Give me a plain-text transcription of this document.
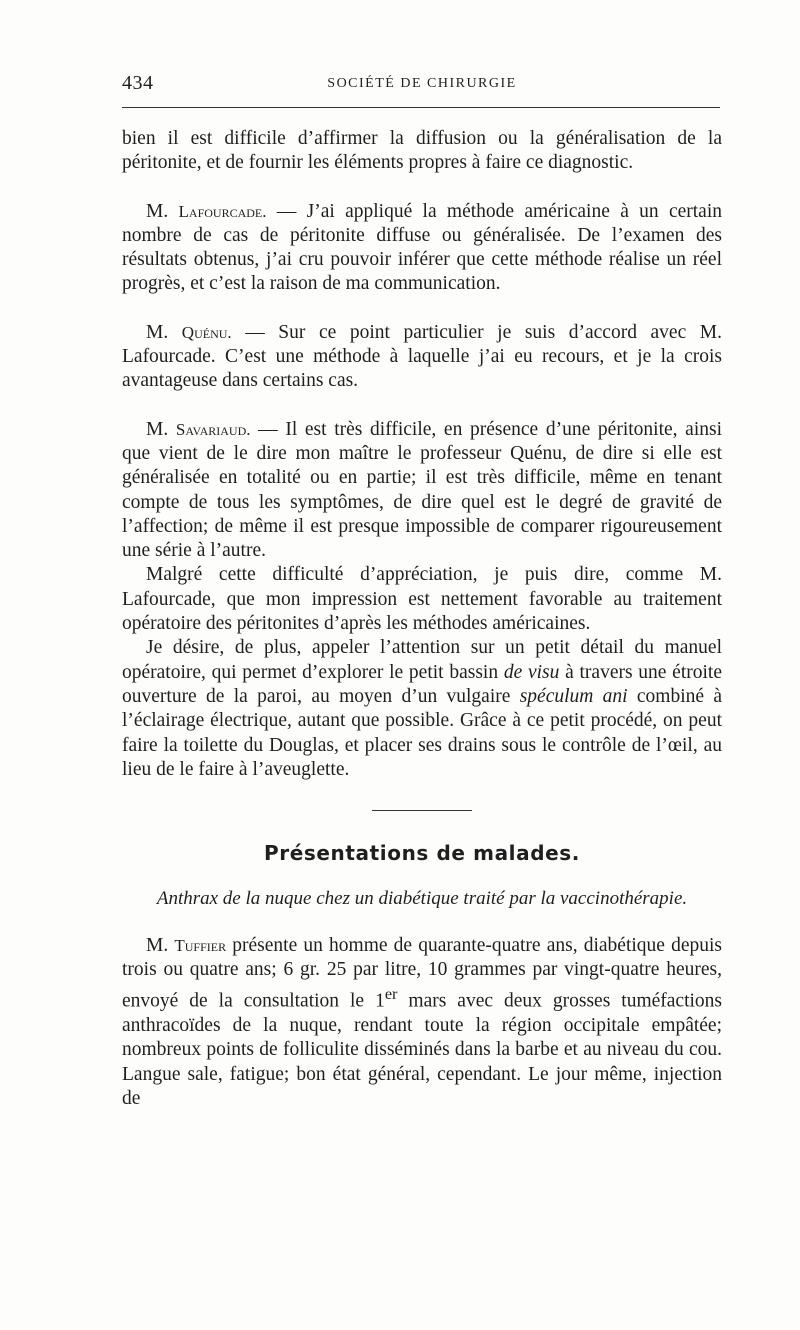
434	SOCIÉTÉ DE CHIRURGIE

bien il est difficile d’affirmer la diffusion ou la généralisation de la péritonite, et de fournir les éléments propres à faire ce diagnostic.

M. Lafourcade. — J’ai appliqué la méthode américaine à un certain nombre de cas de péritonite diffuse ou généralisée. De l’examen des résultats obtenus, j’ai cru pouvoir inférer que cette méthode réalise un réel progrès, et c’est la raison de ma communication.

M. Quénu. — Sur ce point particulier je suis d’accord avec M. Lafourcade. C’est une méthode à laquelle j’ai eu recours, et je la crois avantageuse dans certains cas.

M. Savariaud. — Il est très difficile, en présence d’une péritonite, ainsi que vient de le dire mon maître le professeur Quénu, de dire si elle est généralisée en totalité ou en partie; il est très difficile, même en tenant compte de tous les symptômes, de dire quel est le degré de gravité de l’affection; de même il est presque impossible de comparer rigoureusement une série à l’autre.

Malgré cette difficulté d’appréciation, je puis dire, comme M. Lafourcade, que mon impression est nettement favorable au traitement opératoire des péritonites d’après les méthodes américaines.

Je désire, de plus, appeler l’attention sur un petit détail du manuel opératoire, qui permet d’explorer le petit bassin de visu à travers une étroite ouverture de la paroi, au moyen d’un vulgaire spéculum ani combiné à l’éclairage électrique, autant que possible. Grâce à ce petit procédé, on peut faire la toilette du Douglas, et placer ses drains sous le contrôle de l’œil, au lieu de le faire à l’aveuglette.

Présentations de malades.
Anthrax de la nuque chez un diabétique traité par la vaccinothérapie.

M. Tuffier présente un homme de quarante-quatre ans, diabétique depuis trois ou quatre ans; 6 gr. 25 par litre, 10 grammes par vingt-quatre heures, envoyé de la consultation le 1er mars avec deux grosses tuméfactions anthracoïdes de la nuque, rendant toute la région occipitale empâtée; nombreux points de folliculite disséminés dans la barbe et au niveau du cou. Langue sale, fatigue; bon état général, cependant. Le jour même, injection de
